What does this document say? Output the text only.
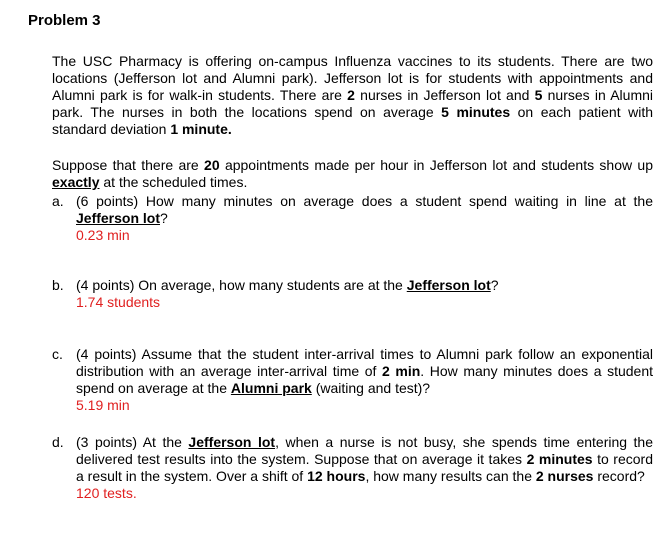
Problem 3
The USC Pharmacy is offering on-campus Influenza vaccines to its students. There are two locations (Jefferson lot and Alumni park). Jefferson lot is for students with appointments and Alumni park is for walk-in students. There are 2 nurses in Jefferson lot and 5 nurses in Alumni park. The nurses in both the locations spend on average 5 minutes on each patient with standard deviation 1 minute.
Suppose that there are 20 appointments made per hour in Jefferson lot and students show up exactly at the scheduled times.
a. (6 points) How many minutes on average does a student spend waiting in line at the Jefferson lot?
0.23 min
b. (4 points) On average, how many students are at the Jefferson lot?
1.74 students
c. (4 points) Assume that the student inter-arrival times to Alumni park follow an exponential distribution with an average inter-arrival time of 2 min. How many minutes does a student spend on average at the Alumni park (waiting and test)?
5.19 min
d. (3 points) At the Jefferson lot, when a nurse is not busy, she spends time entering the delivered test results into the system. Suppose that on average it takes 2 minutes to record a result in the system. Over a shift of 12 hours, how many results can the 2 nurses record?
120 tests.
